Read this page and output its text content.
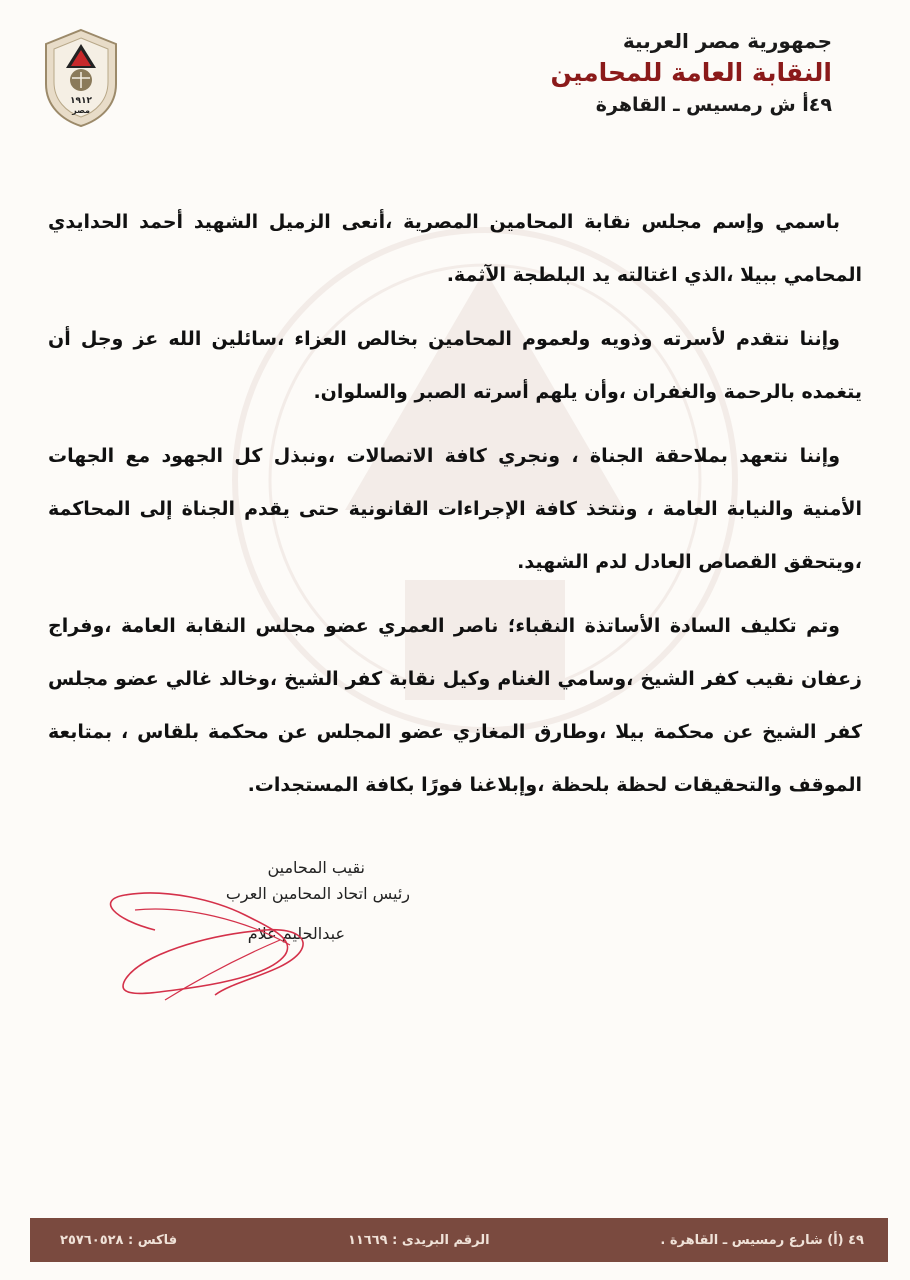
١٩١٢
مصر
جمهورية مصر العربية
النقابة العامة للمحامين
٤٩أ ش رمسيس ـ القاهرة

باسمي وإسم مجلس نقابة المحامين المصرية ،أنعى الزميل الشهيد أحمد الحدايدي المحامي ببيلا ،الذي اغتالته يد البلطجة الآثمة.

وإننا نتقدم لأسرته وذويه ولعموم المحامين بخالص العزاء ،سائلين الله عز وجل أن يتغمده بالرحمة والغفران ،وأن يلهم أسرته الصبر والسلوان.

وإننا نتعهد بملاحقة الجناة ، ونجري كافة الاتصالات ،ونبذل كل الجهود مع الجهات الأمنية والنيابة العامة ، ونتخذ كافة الإجراءات القانونية حتى يقدم الجناة إلى المحاكمة ،ويتحقق القصاص العادل لدم الشهيد.

وتم تكليف السادة الأساتذة النقباء؛ ناصر العمري عضو مجلس النقابة العامة ،وفراج زعفان نقيب كفر الشيخ ،وسامي الغنام وكيل نقابة كفر الشيخ ،وخالد غالي عضو مجلس كفر الشيخ عن محكمة بيلا ،وطارق المغازي عضو المجلس عن محكمة بلقاس ، بمتابعة الموقف والتحقيقات لحظة بلحظة ،وإبلاغنا فورًا بكافة المستجدات.

نقيب المحامين
رئيس اتحاد المحامين العرب
عبدالحليم علام
٤٩ (أ) شارع رمسيس ـ القاهرة .
الرقم البريدى : ١١٦٦٩
فاكس : ٢٥٧٦٠٥٢٨
